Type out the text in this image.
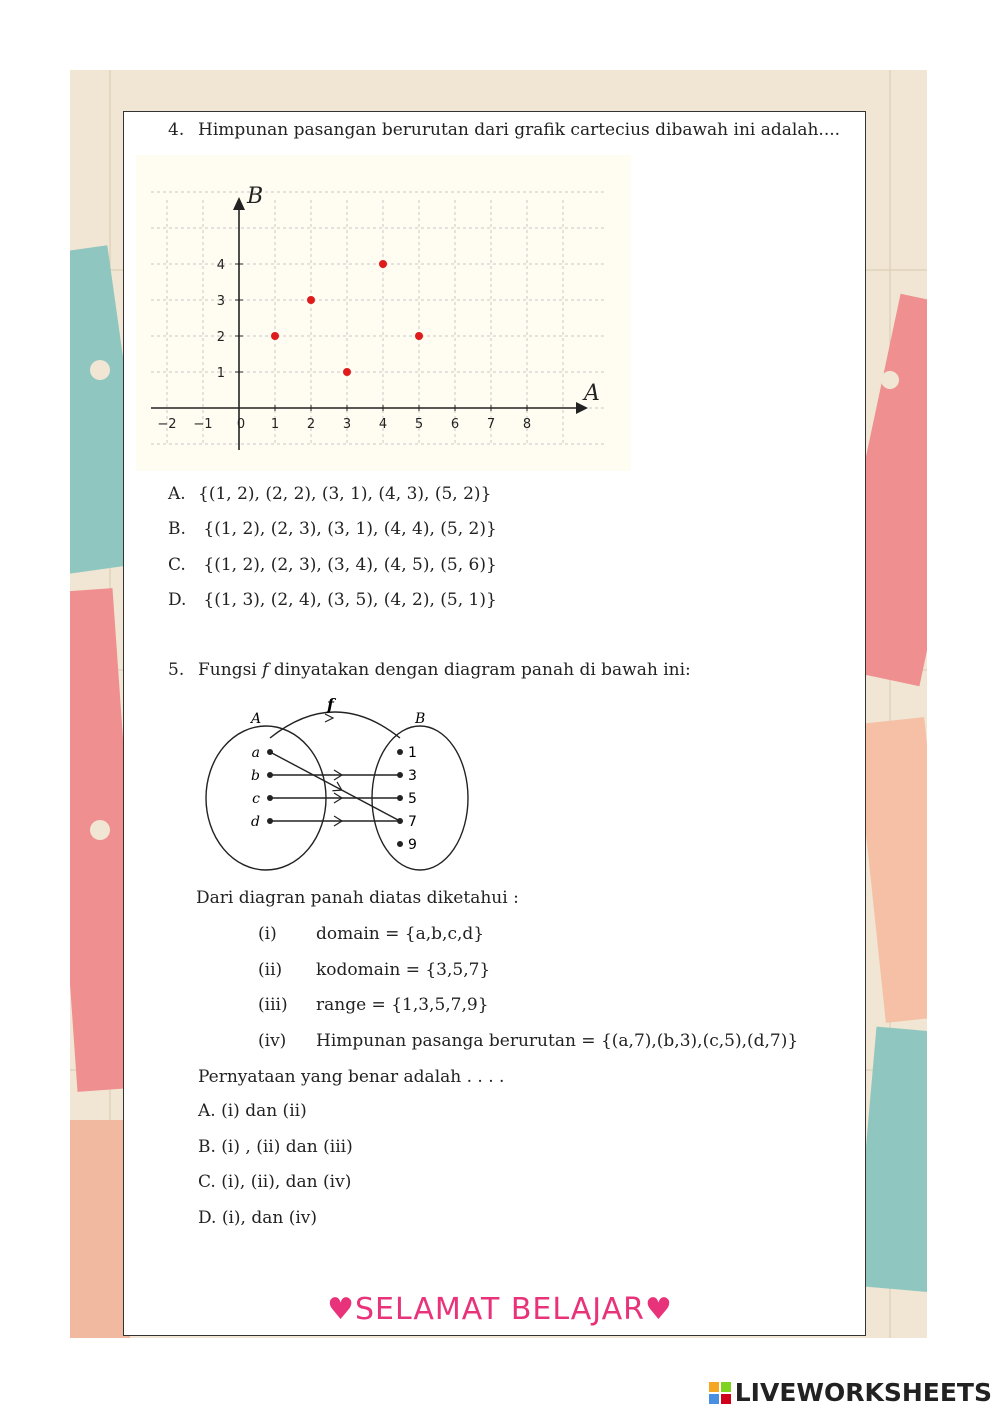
4. Himpunan pasangan berurutan dari grafik cartecius dibawah ini adalah....
−2 −1 0 1 2 3 4 5 6 7 8
1
2
3
4
A
B
A. {(1, 2), (2, 2), (3, 1), (4, 3), (5, 2)}
B. {(1, 2), (2, 3), (3, 1), (4, 4), (5, 2)}
C. {(1, 2), (2, 3), (3, 4), (4, 5), (5, 6)}
D. {(1, 3), (2, 4), (3, 5), (4, 2), (5, 1)}
5. Fungsi f dinyatakan dengan diagram panah di bawah ini:
f
A	B
a
b
c
d
1
3
5
7
9
Dari diagran panah diatas diketahui :
(i) domain = {a,b,c,d}
(ii) kodomain = {3,5,7}
(iii) range = {1,3,5,7,9}
(iv) Himpunan pasanga berurutan = {(a,7),(b,3),(c,5),(d,7)}
Pernyataan yang benar adalah . . . .
A. (i) dan (ii)
B. (i) , (ii) dan (iii)
C. (i), (ii), dan (iv)
D. (i), dan (iv)
♥SELAMAT BELAJAR♥
LIVEWORKSHEETS
